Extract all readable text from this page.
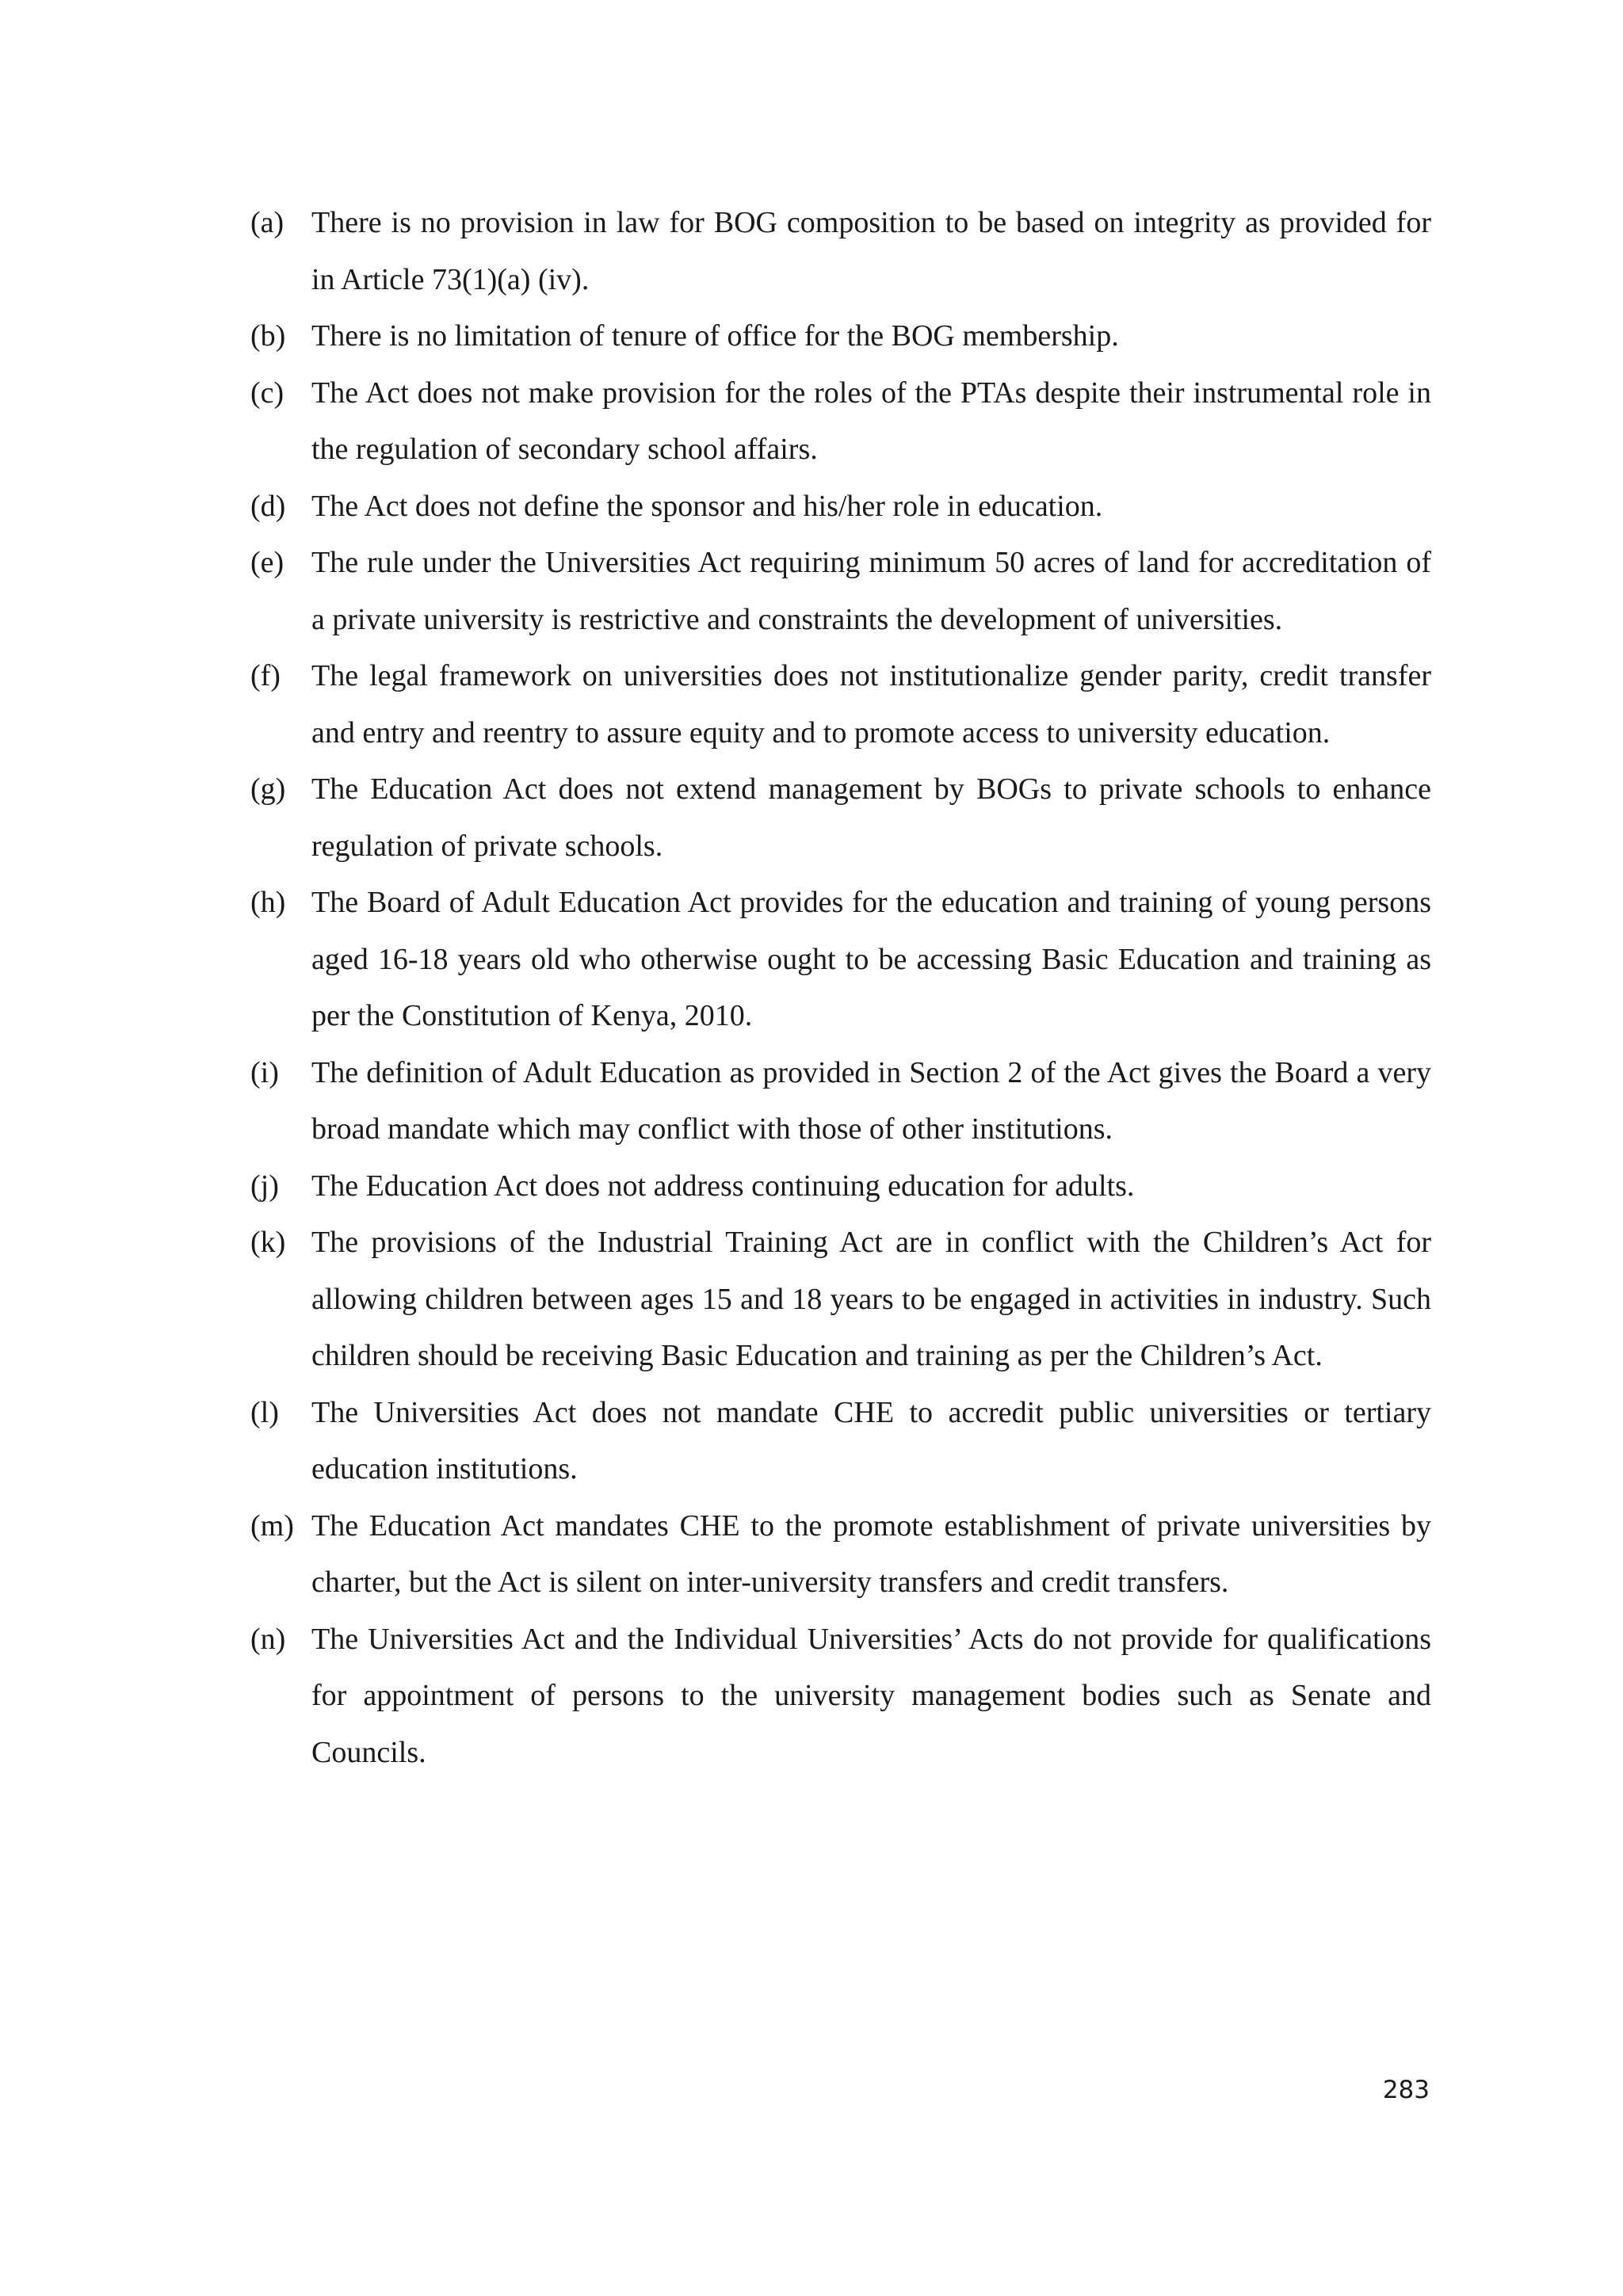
(a) There is no provision in law for BOG composition to be based on integrity as provided for in Article 73(1)(a) (iv).
(b) There is no limitation of tenure of office for the BOG membership.
(c) The Act does not make provision for the roles of the PTAs despite their instrumental role in the regulation of secondary school affairs.
(d) The Act does not define the sponsor and his/her role in education.
(e) The rule under the Universities Act requiring minimum 50 acres of land for accreditation of a private university is restrictive and constraints the development of universities.
(f)	The legal framework on universities does not institutionalize gender parity, credit transfer and entry and reentry to assure equity and to promote access to university education.
(g) The Education Act does not extend management by BOGs to private schools to enhance regulation of private schools.
(h) The Board of Adult Education Act provides for the education and training of young persons aged 16-18 years old who otherwise ought to be accessing Basic Education and training as per the Constitution of Kenya, 2010.
(i)	The definition of Adult Education as provided in Section 2 of the Act gives the Board a very broad mandate which may conflict with those of other institutions.
(j)	The Education Act does not address continuing education for adults.
(k) The provisions of the Industrial Training Act are in conflict with the Children’s Act for allowing children between ages 15 and 18 years to be engaged in activities in industry. Such children should be receiving Basic Education and training as per the Children’s Act.
(l)	The Universities Act does not mandate CHE to accredit public universities or tertiary education institutions.
(m) The Education Act mandates CHE to the promote establishment of private universities by charter, but the Act is silent on inter-university transfers and credit transfers.
(n) The Universities Act and the Individual Universities’ Acts do not provide for qualifications for appointment of persons to the university management bodies such as Senate and Councils.
283
